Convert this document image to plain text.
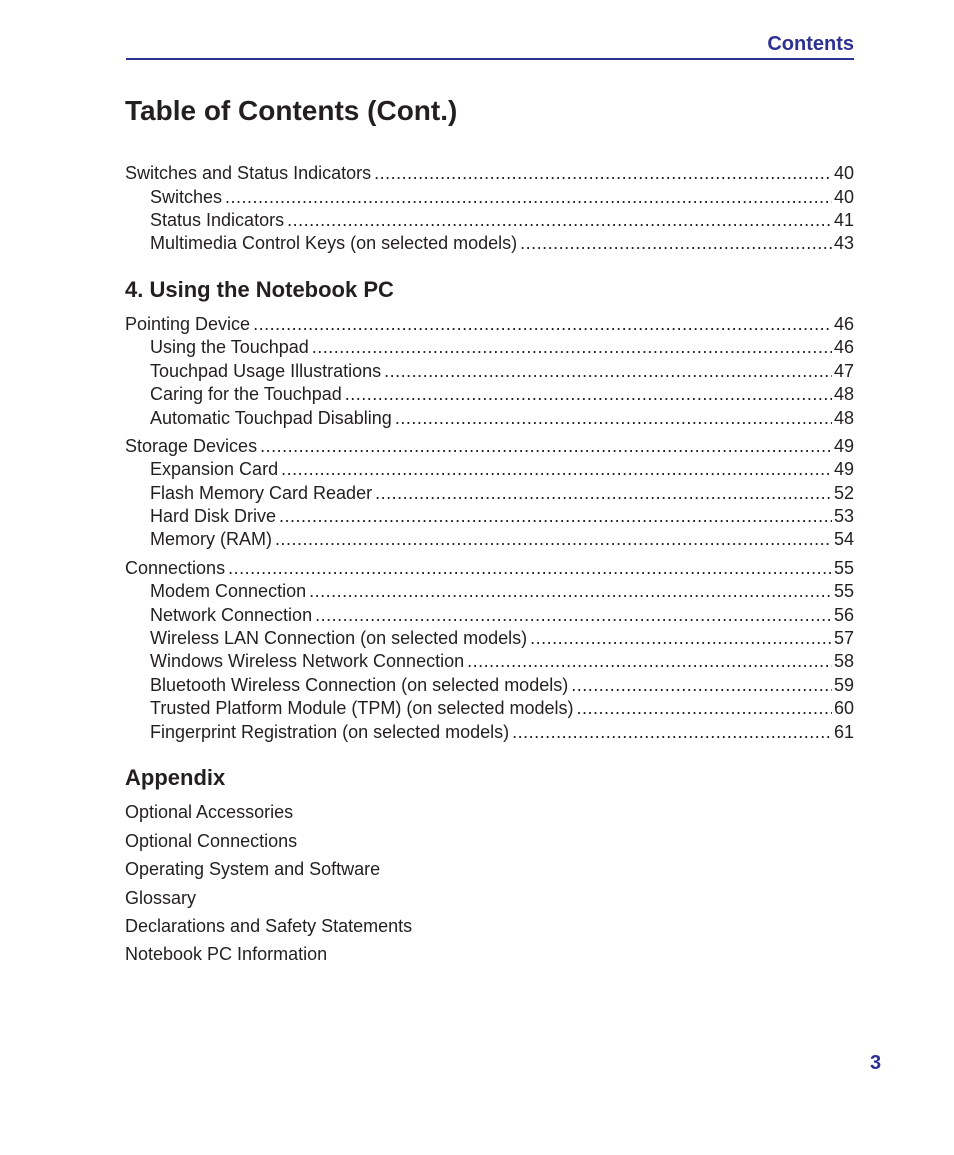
Contents
Table of Contents (Cont.)
Switches and Status Indicators .....	40
Switches .....	40
Status Indicators .....	41
Multimedia Control Keys (on selected models) .....	43
4. Using the Notebook PC
Pointing Device .....	46
Using the Touchpad .....	46
Touchpad Usage Illustrations .....	47
Caring for the Touchpad .....	48
Automatic Touchpad Disabling .....	48
Storage Devices .....	49
Expansion Card .....	49
Flash Memory Card Reader .....	52
Hard Disk Drive .....	53
Memory (RAM) .....	54
Connections .....	55
Modem Connection .....	55
Network Connection .....	56
Wireless LAN Connection (on selected models) .....	57
Windows Wireless Network Connection .....	58
Bluetooth Wireless Connection (on selected models) .....	59
Trusted Platform Module (TPM) (on selected models) .....	60
Fingerprint Registration (on selected models) .....	61
Appendix
Optional Accessories
Optional Connections
Operating System and Software
Glossary
Declarations and Safety Statements
Notebook PC Information
3
